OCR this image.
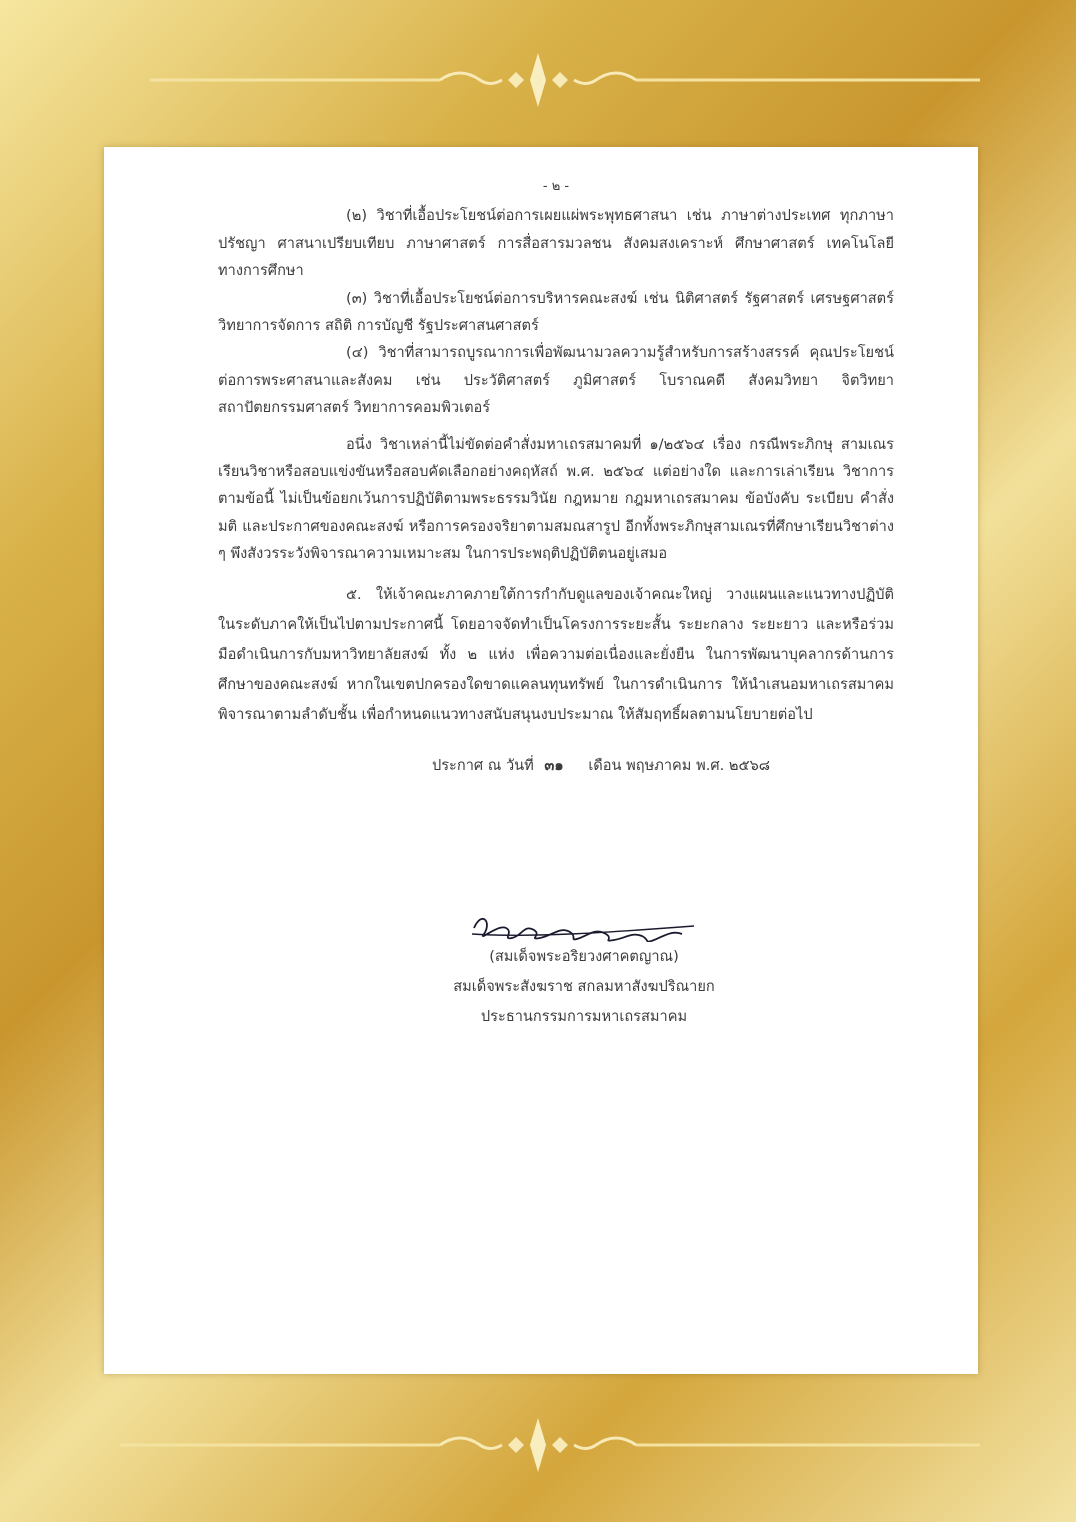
- ๒ -

(๒) วิชาที่เอื้อประโยชน์ต่อการเผยแผ่พระพุทธศาสนา เช่น ภาษาต่างประเทศ ทุกภาษา ปรัชญา ศาสนาเปรียบเทียบ ภาษาศาสตร์ การสื่อสารมวลชน สังคมสงเคราะห์ ศึกษาศาสตร์ เทคโนโลยีทางการศึกษา

(๓) วิชาที่เอื้อประโยชน์ต่อการบริหารคณะสงฆ์ เช่น นิติศาสตร์ รัฐศาสตร์ เศรษฐศาสตร์ วิทยาการจัดการ สถิติ การบัญชี รัฐประศาสนศาสตร์

(๔) วิชาที่สามารถบูรณาการเพื่อพัฒนามวลความรู้สำหรับการสร้างสรรค์ คุณประโยชน์ต่อการพระศาสนาและสังคม เช่น ประวัติศาสตร์ ภูมิศาสตร์ โบราณคดี สังคมวิทยา จิตวิทยา สถาปัตยกรรมศาสตร์ วิทยาการคอมพิวเตอร์

อนึ่ง วิชาเหล่านี้ไม่ขัดต่อคำสั่งมหาเถรสมาคมที่ ๑/๒๕๖๔ เรื่อง กรณีพระภิกษุ สามเณร เรียนวิชาหรือสอบแข่งขันหรือสอบคัดเลือกอย่างคฤหัสถ์ พ.ศ. ๒๕๖๔ แต่อย่างใด และการเล่าเรียน วิชาการตามข้อนี้ ไม่เป็นข้อยกเว้นการปฏิบัติตามพระธรรมวินัย กฎหมาย กฎมหาเถรสมาคม ข้อบังคับ ระเบียบ คำสั่ง มติ และประกาศของคณะสงฆ์ หรือการครองจริยาตามสมณสารูป อีกทั้งพระภิกษุสามเณรที่ศึกษาเรียนวิชาต่าง ๆ พึงสังวรระวังพิจารณาความเหมาะสม ในการประพฤติปฏิบัติตนอยู่เสมอ

๕. ให้เจ้าคณะภาคภายใต้การกำกับดูแลของเจ้าคณะใหญ่ วางแผนและแนวทางปฏิบัติ ในระดับภาคให้เป็นไปตามประกาศนี้ โดยอาจจัดทำเป็นโครงการระยะสั้น ระยะกลาง ระยะยาว และหรือร่วมมือดำเนินการกับมหาวิทยาลัยสงฆ์ ทั้ง ๒ แห่ง เพื่อความต่อเนื่องและยั่งยืน ในการพัฒนาบุคลากรด้านการศึกษาของคณะสงฆ์ หากในเขตปกครองใดขาดแคลนทุนทรัพย์ ในการดำเนินการ ให้นำเสนอมหาเถรสมาคมพิจารณาตามลำดับชั้น เพื่อกำหนดแนวทางสนับสนุนงบประมาณ ให้สัมฤทธิ์ผลตามนโยบายต่อไป

ประกาศ ณ วันที่ ๓๑ เดือน พฤษภาคม พ.ศ. ๒๕๖๘
(สมเด็จพระอริยวงศาคตญาณ)
สมเด็จพระสังฆราช สกลมหาสังฆปริณายก
ประธานกรรมการมหาเถรสมาคม
